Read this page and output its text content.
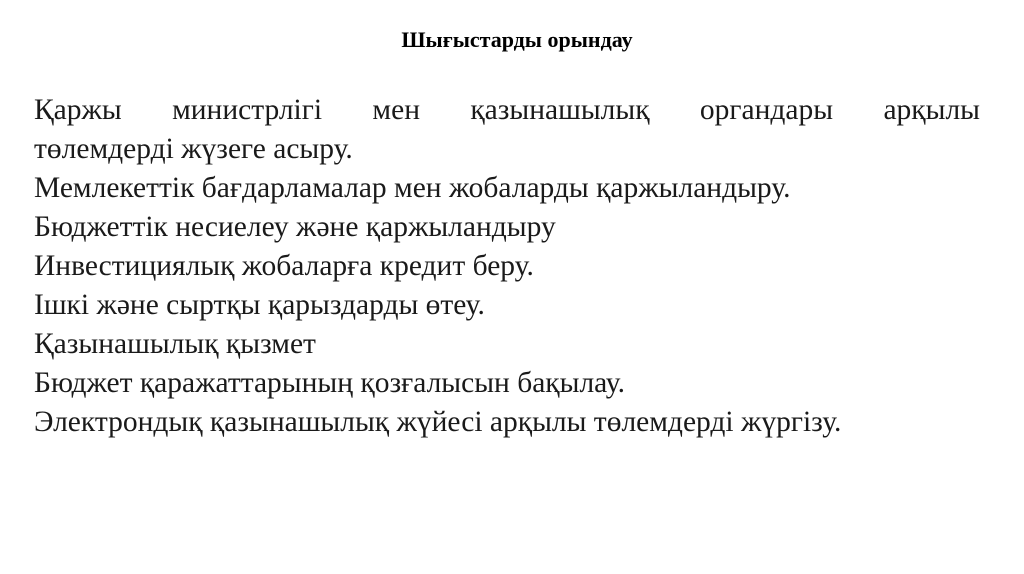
Шығыстарды орындау
Қаржы министрлігі мен қазынашылық органдары арқылы
төлемдерді жүзеге асыру.
Мемлекеттік бағдарламалар мен жобаларды қаржыландыру.
Бюджеттік несиелеу және қаржыландыру
Инвестициялық жобаларға кредит беру.
Ішкі және сыртқы қарыздарды өтеу.
Қазынашылық қызмет
Бюджет қаражаттарының қозғалысын бақылау.
Электрондық қазынашылық жүйесі арқылы төлемдерді жүргізу.
